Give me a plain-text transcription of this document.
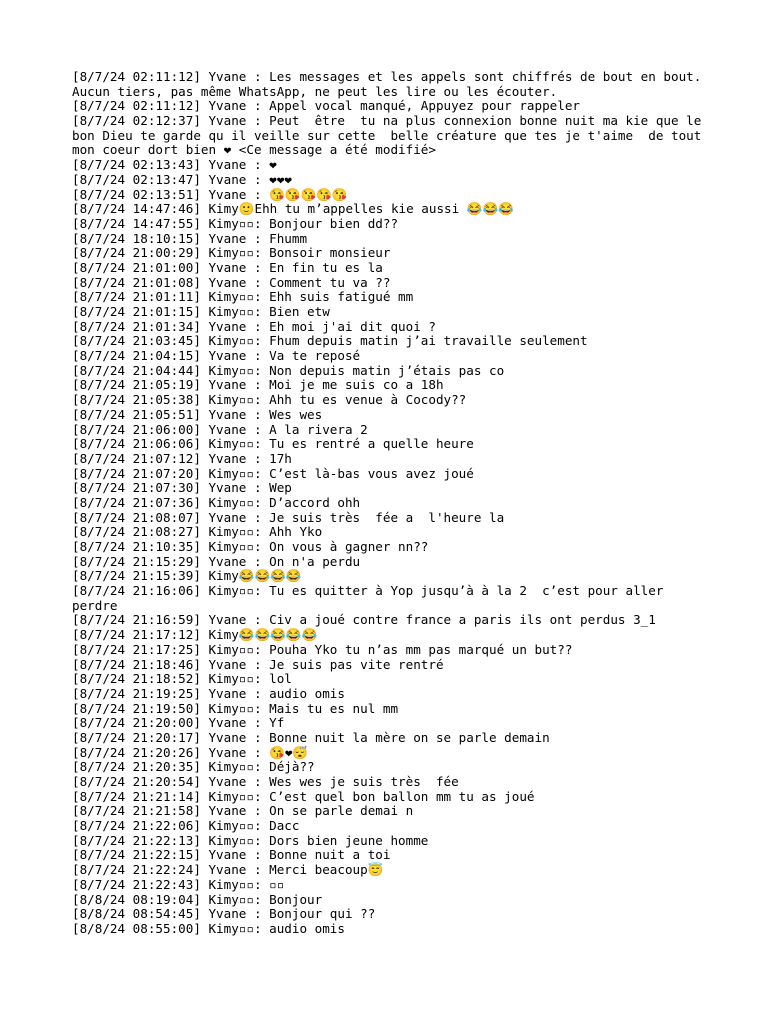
[8/7/24 02:11:12] Yvane : Les messages et les appels sont chiffrés de bout en bout. Aucun tiers, pas même WhatsApp, ne peut les lire ou les écouter.
[8/7/24 02:11:12] Yvane : Appel vocal manqué, Appuyez pour rappeler
[8/7/24 02:12:37] Yvane : Peut  être  tu na plus connexion bonne nuit ma kie que le bon Dieu te garde qu il veille sur cette  belle créature que tes je t'aime  de tout mon coeur dort bien ❤ <Ce message a été modifié>
[8/7/24 02:13:43] Yvane : ❤
[8/7/24 02:13:47] Yvane : ❤❤❤
[8/7/24 02:13:51] Yvane : 😘😘😘😘😘
[8/7/24 14:47:46] Kimy🙂Ehh tu m’appelles kie aussi 😂😂😂
[8/7/24 14:47:55] Kimy▫▫: Bonjour bien dd??
[8/7/24 18:10:15] Yvane : Fhumm
[8/7/24 21:00:29] Kimy▫▫: Bonsoir monsieur
[8/7/24 21:01:00] Yvane : En fin tu es la
[8/7/24 21:01:08] Yvane : Comment tu va ??
[8/7/24 21:01:11] Kimy▫▫: Ehh suis fatigué mm
[8/7/24 21:01:15] Kimy▫▫: Bien etw
[8/7/24 21:01:34] Yvane : Eh moi j'ai dit quoi ?
[8/7/24 21:03:45] Kimy▫▫: Fhum depuis matin j’ai travaille seulement
[8/7/24 21:04:15] Yvane : Va te reposé
[8/7/24 21:04:44] Kimy▫▫: Non depuis matin j’étais pas co
[8/7/24 21:05:19] Yvane : Moi je me suis co a 18h
[8/7/24 21:05:38] Kimy▫▫: Ahh tu es venue à Cocody??
[8/7/24 21:05:51] Yvane : Wes wes
[8/7/24 21:06:00] Yvane : A la rivera 2
[8/7/24 21:06:06] Kimy▫▫: Tu es rentré a quelle heure
[8/7/24 21:07:12] Yvane : 17h
[8/7/24 21:07:20] Kimy▫▫: C’est là-bas vous avez joué
[8/7/24 21:07:30] Yvane : Wep
[8/7/24 21:07:36] Kimy▫▫: D’accord ohh
[8/7/24 21:08:07] Yvane : Je suis très  fée a  l'heure la
[8/7/24 21:08:27] Kimy▫▫: Ahh Yko
[8/7/24 21:10:35] Kimy▫▫: On vous à gagner nn??
[8/7/24 21:15:29] Yvane : On n'a perdu
[8/7/24 21:15:39] Kimy😂😂😂😂
[8/7/24 21:16:06] Kimy▫▫: Tu es quitter à Yop jusqu’à à la 2  c’est pour aller perdre
[8/7/24 21:16:59] Yvane : Civ a joué contre france a paris ils ont perdus 3_1
[8/7/24 21:17:12] Kimy😂😂😂😂😂
[8/7/24 21:17:25] Kimy▫▫: Pouha Yko tu n’as mm pas marqué un but??
[8/7/24 21:18:46] Yvane : Je suis pas vite rentré
[8/7/24 21:18:52] Kimy▫▫: lol
[8/7/24 21:19:25] Yvane : audio omis
[8/7/24 21:19:50] Kimy▫▫: Mais tu es nul mm
[8/7/24 21:20:00] Yvane : Yf
[8/7/24 21:20:17] Yvane : Bonne nuit la mère on se parle demain
[8/7/24 21:20:26] Yvane : 😘❤😴
[8/7/24 21:20:35] Kimy▫▫: Déjà??
[8/7/24 21:20:54] Yvane : Wes wes je suis très  fée
[8/7/24 21:21:14] Kimy▫▫: C’est quel bon ballon mm tu as joué
[8/7/24 21:21:58] Yvane : On se parle demai n
[8/7/24 21:22:06] Kimy▫▫: Dacc
[8/7/24 21:22:13] Kimy▫▫: Dors bien jeune homme
[8/7/24 21:22:15] Yvane : Bonne nuit a toi
[8/7/24 21:22:24] Yvane : Merci beacoup😇
[8/7/24 21:22:43] Kimy▫▫: ▫▫
[8/8/24 08:19:04] Kimy▫▫: Bonjour
[8/8/24 08:54:45] Yvane : Bonjour qui ??
[8/8/24 08:55:00] Kimy▫▫: audio omis
